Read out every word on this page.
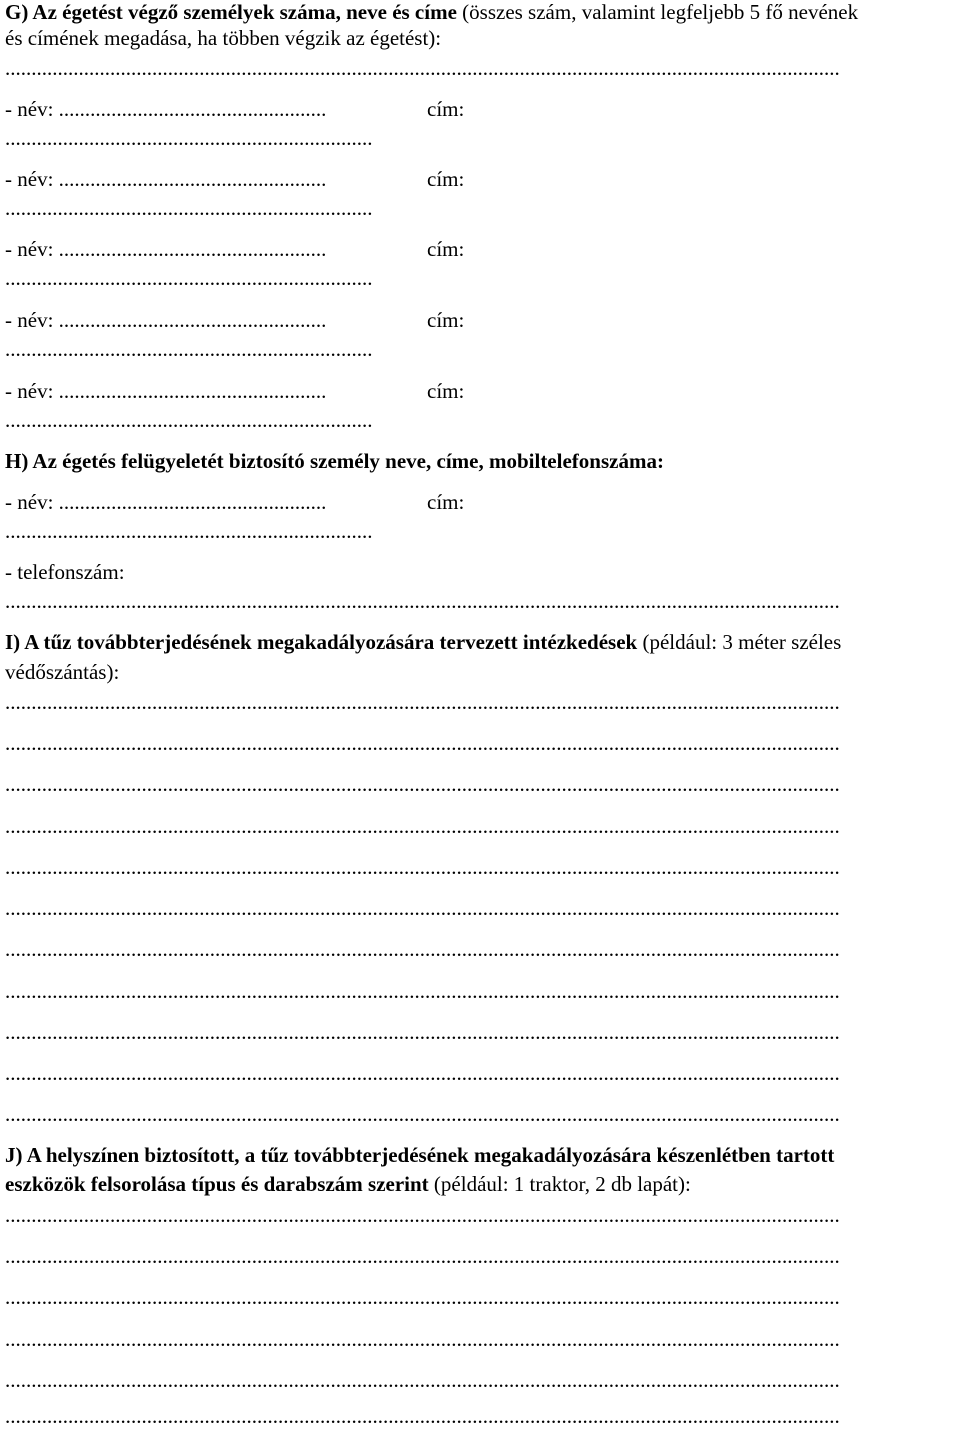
G) Az égetést végző személyek száma, neve és címe (összes szám, valamint legfeljebb 5 fő nevének
és címének megadása, ha többen végzik az égetést):
...............................................................................................................................................................
- név: ...................................................	cím:
......................................................................
- név: ...................................................	cím:
......................................................................
- név: ...................................................	cím:
......................................................................
- név: ...................................................	cím:
......................................................................
- név: ...................................................	cím:
......................................................................
H) Az égetés felügyeletét biztosító személy neve, címe, mobiltelefonszáma:
- név: ...................................................	cím:
......................................................................
- telefonszám:
...............................................................................................................................................................
I) A tűz továbbterjedésének megakadályozására tervezett intézkedések (például: 3 méter széles
védőszántás):
...............................................................................................................................................................
...............................................................................................................................................................
...............................................................................................................................................................
...............................................................................................................................................................
...............................................................................................................................................................
...............................................................................................................................................................
...............................................................................................................................................................
...............................................................................................................................................................
...............................................................................................................................................................
...............................................................................................................................................................
...............................................................................................................................................................
J) A helyszínen biztosított, a tűz továbbterjedésének megakadályozására készenlétben tartott
eszközök felsorolása típus és darabszám szerint (például: 1 traktor, 2 db lapát):
...............................................................................................................................................................
...............................................................................................................................................................
...............................................................................................................................................................
...............................................................................................................................................................
...............................................................................................................................................................
...............................................................................................................................................................
